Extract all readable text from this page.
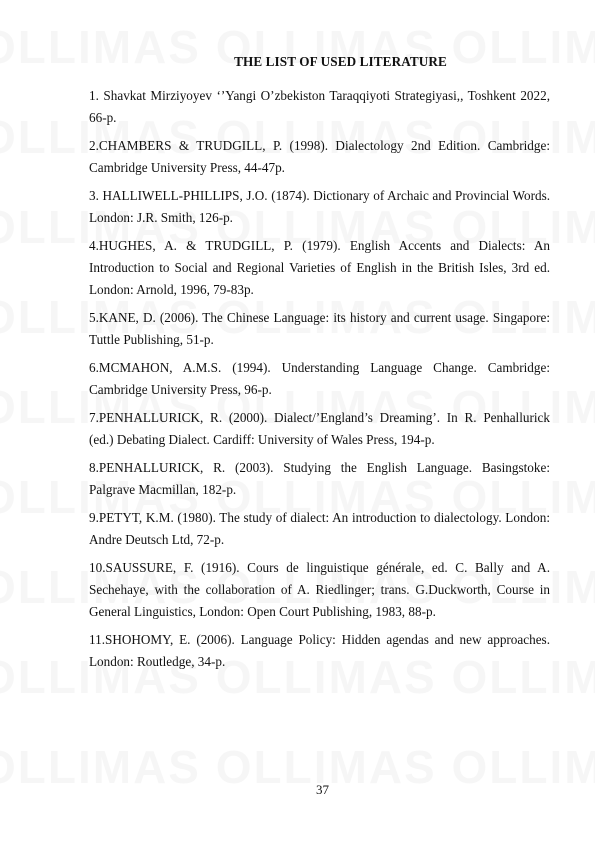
THE LIST OF USED LITERATURE

1. Shavkat Mirziyoyev ‘’Yangi O’zbekiston Taraqqiyoti Strategiyasi,, Toshkent 2022, 66-p.

2.CHAMBERS & TRUDGILL, P. (1998). Dialectology 2nd Edition. Cambridge: Cambridge University Press, 44-47p.

3. HALLIWELL-PHILLIPS, J.O. (1874). Dictionary of Archaic and Provincial Words. London: J.R. Smith, 126-p.

4.HUGHES, A. & TRUDGILL, P. (1979). English Accents and Dialects: An Introduction to Social and Regional Varieties of English in the British Isles, 3rd ed. London: Arnold, 1996, 79-83p.

5.KANE, D. (2006). The Chinese Language: its history and current usage. Singapore: Tuttle Publishing, 51-p.

6.MCMAHON, A.M.S. (1994). Understanding Language Change. Cambridge: Cambridge University Press, 96-p.

7.PENHALLURICK, R. (2000). Dialect/’England’s Dreaming’. In R. Penhallurick (ed.) Debating Dialect. Cardiff: University of Wales Press, 194-p.

8.PENHALLURICK, R. (2003). Studying the English Language. Basingstoke: Palgrave Macmillan, 182-p.

9.PETYT, K.M. (1980). The study of dialect: An introduction to dialectology. London: Andre Deutsch Ltd, 72-p.

10.SAUSSURE, F. (1916). Cours de linguistique générale, ed. C. Bally and A. Sechehaye, with the collaboration of A. Riedlinger; trans. G.Duckworth, Course in General Linguistics, London: Open Court Publishing, 1983, 88-p.

11.SHOHOMY, E. (2006). Language Policy: Hidden agendas and new approaches. London: Routledge, 34-p.

37
